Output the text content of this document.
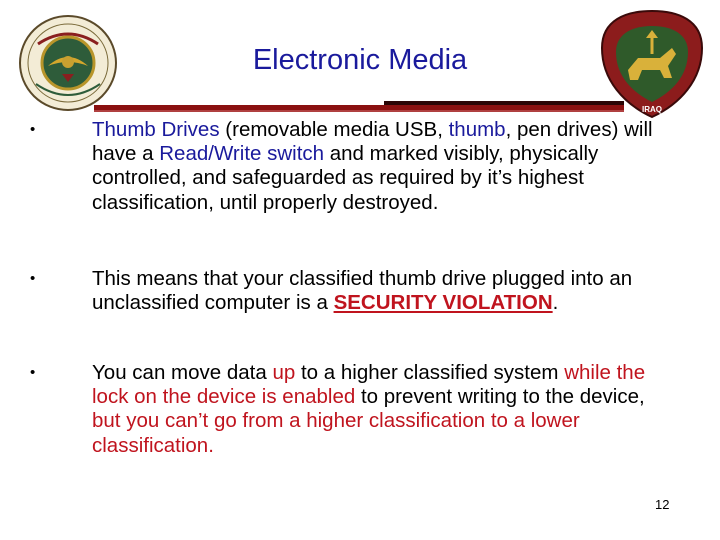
IRAQ
Electronic Media
•	Thumb Drives (removable media USB, thumb, pen drives) will have a Read/Write switch and marked visibly, physically controlled, and safeguarded as required by it’s highest classification, until properly destroyed.
•	This means that your classified thumb drive plugged into an unclassified computer is a SECURITY VIOLATION.
•	You can move data up to a higher classified system while the lock on the device is enabled to prevent writing to the device, but you can’t go from a higher classification to a lower classification.
12
